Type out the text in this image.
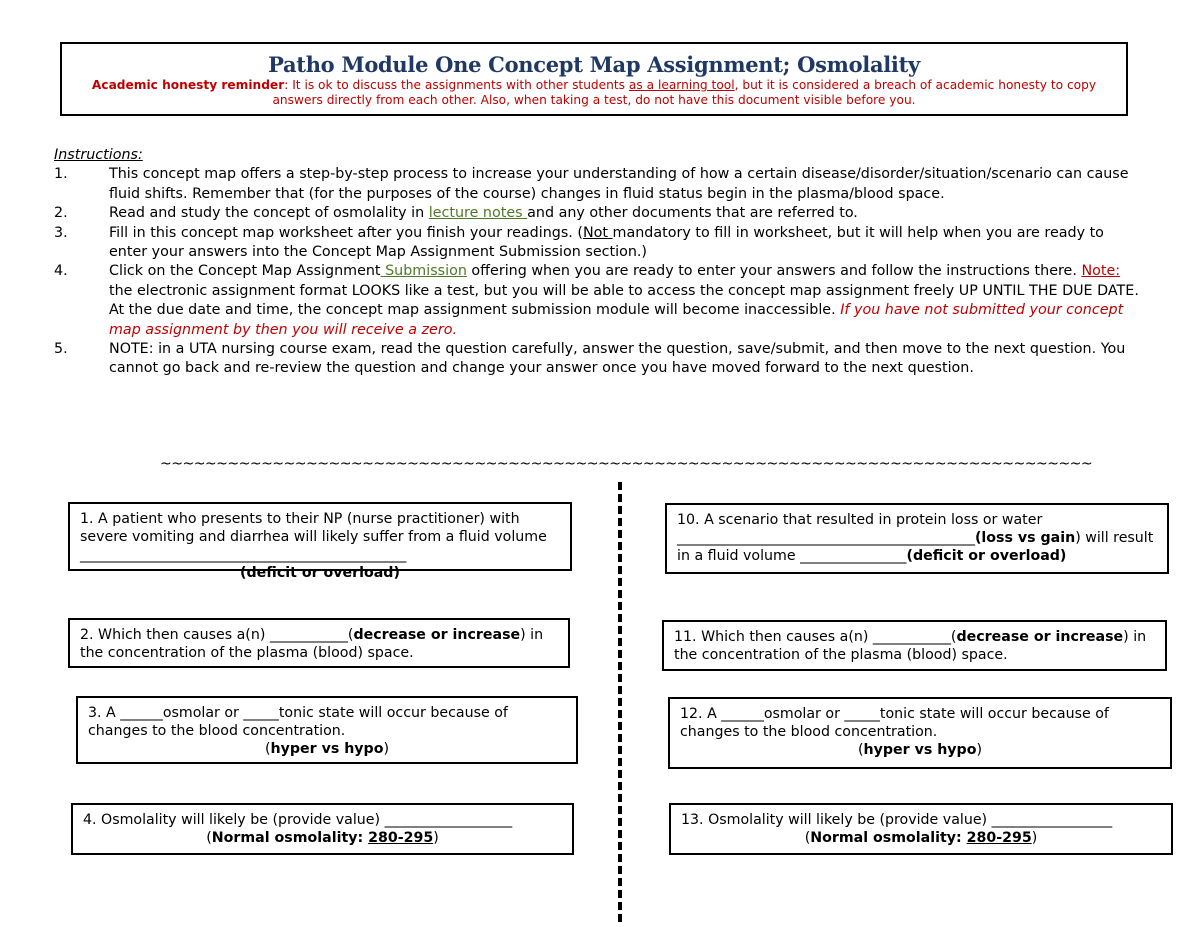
Patho Module One Concept Map Assignment; Osmolality
Academic honesty reminder: It is ok to discuss the assignments with other students as a learning tool, but it is considered a breach of academic honesty to copy answers directly from each other. Also, when taking a test, do not have this document visible before you.
Instructions:
1.	This concept map offers a step-by-step process to increase your understanding of how a certain disease/disorder/situation/scenario can cause fluid shifts. Remember that (for the purposes of the course) changes in fluid status begin in the plasma/blood space.
2.	Read and study the concept of osmolality in lecture notes and any other documents that are referred to.
3.	Fill in this concept map worksheet after you finish your readings. (Not mandatory to fill in worksheet, but it will help when you are ready to enter your answers into the Concept Map Assignment Submission section.)
4.	Click on the Concept Map Assignment Submission offering when you are ready to enter your answers and follow the instructions there. Note: the electronic assignment format LOOKS like a test, but you will be able to access the concept map assignment freely UP UNTIL THE DUE DATE. At the due date and time, the concept map assignment submission module will become inaccessible. If you have not submitted your concept map assignment by then you will receive a zero.
5.	NOTE: in a UTA nursing course exam, read the question carefully, answer the question, save/submit, and then move to the next question. You cannot go back and re-review the question and change your answer once you have moved forward to the next question.
~~~~~~~~~~~~~~~~~~~~~~~~~~~~~~~~~~~~~~~~~~~~~~~~~~~~~~~~~~~~~~~~~~~~~~~~~~~~~~~~~~~
1. A patient who presents to their NP (nurse practitioner) with severe vomiting and diarrhea will likely suffer from a fluid volume ______________________________________________
(deficit or overload)
2. Which then causes a(n) ___________(decrease or increase) in the concentration of the plasma (blood) space.
3. A ______osmolar or _____tonic state will occur because of changes to the blood concentration.
(hyper vs hypo)
4. Osmolality will likely be (provide value) __________________
(Normal osmolality: 280-295)
10. A scenario that resulted in protein loss or water __________________________________________(loss vs gain) will result in a fluid volume _______________(deficit or overload)
11. Which then causes a(n) ___________(decrease or increase) in the concentration of the plasma (blood) space.
12. A ______osmolar or _____tonic state will occur because of changes to the blood concentration.
(hyper vs hypo)
13. Osmolality will likely be (provide value) _________________
(Normal osmolality: 280-295)
